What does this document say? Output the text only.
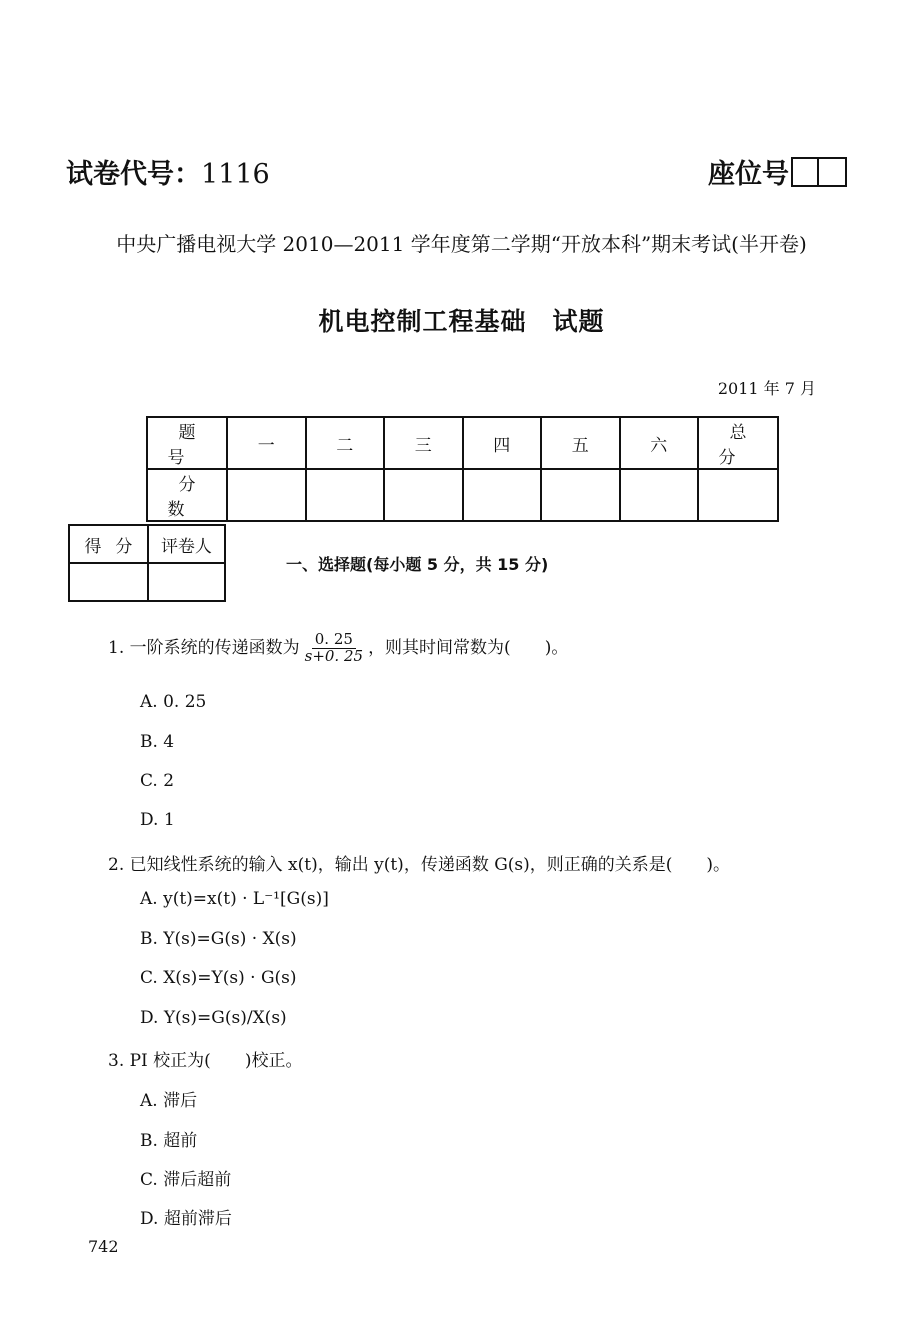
试卷代号：1116	座位号
中央广播电视大学 2010—2011 学年度第二学期“开放本科”期末考试(半开卷)
机电控制工程基础　试题
2011 年 7 月
题号	一	二	三	四	五	六	总分
分数							
得分	评卷人

一、选择题(每小题 5 分，共 15 分)
1. 一阶系统的传递函数为 $\frac{0. 25}{s+0. 25}$ ，则其时间常数为(　　)。
A. 0. 25
B. 4
C. 2
D. 1
2. 已知线性系统的输入 x(t)，输出 y(t)，传递函数 G(s)，则正确的关系是(　　)。
A. y(t)=x(t) · L⁻¹[G(s)]
B. Y(s)=G(s) · X(s)
C. X(s)=Y(s) · G(s)
D. Y(s)=G(s)/X(s)
3. PI 校正为(　　)校正。
A. 滞后
B. 超前
C. 滞后超前
D. 超前滞后
742
